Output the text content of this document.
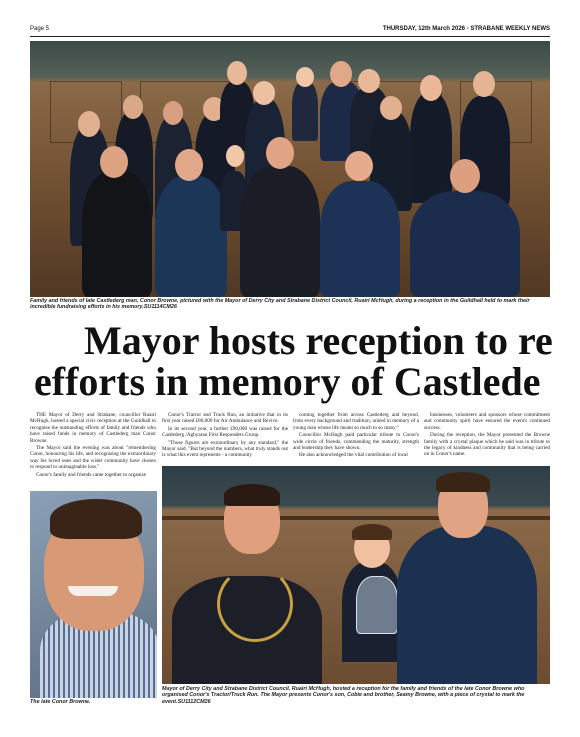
Page 5	THURSDAY, 12th March 2026 - STRABANE WEEKLY NEWS
Family and friends of late Castlederg man, Conor Browne, pictured with the Mayor of Derry City and Strabane District Council, Ruairi McHugh, during a reception in the Guildhall held to mark their incredible fundraising efforts in his memory.SU1114CM26
Mayor hosts reception to re
efforts in memory of Castlede

THE Mayor of Derry and Strabane, councillor Ruairí McHugh, hosted a special civic reception at the Guildhall to recognise the outstanding efforts of family and friends who have raised funds in memory of Castlederg man Conor Browne.

The Mayor said the evening was about "remembering Conor, honouring his life, and recognising the extraordinary way his loved ones and the wider community have chosen to respond to unimaginable loss."

Conor's family and friends came together to organise

Conor's Tractor and Truck Run, an initiative that in its first year raised £80,000 for Air Ambulance and Revive.

In its second year, a further £90,000 was raised for the Castlederg /Aghyaran First Responders Group.

"Those figures are extraordinary by any standard," the Mayor said. "But beyond the numbers, what truly stands out is what this event represents - a community

coming together from across Castlederg and beyond, from every background and tradition, united in memory of a young man whose life meant so much to so many."

Councillor McHugh paid particular tribute to Conor's wide circle of friends, commending the maturity, strength and leadership they have shown.

He also acknowledged the vital contribution of local

businesses, volunteers and sponsors whose commitment and community spirit have ensured the event's continued success.

During the reception, the Mayor presented the Browne family with a crystal plaque which he said was in tribute to the legacy of kindness and community that is being carried on in Conor's name.

The late Conor Browne.
Mayor of Derry City and Strabane District Council, Ruairí McHugh, hosted a reception for the family and friends of the late Conor Browne who organised Conor's Tractor/Truck Run. The Mayor presents Conor's son, Cobie and brother, Seamy Browne, with a piece of crystal to mark the event.SU1112CM26
